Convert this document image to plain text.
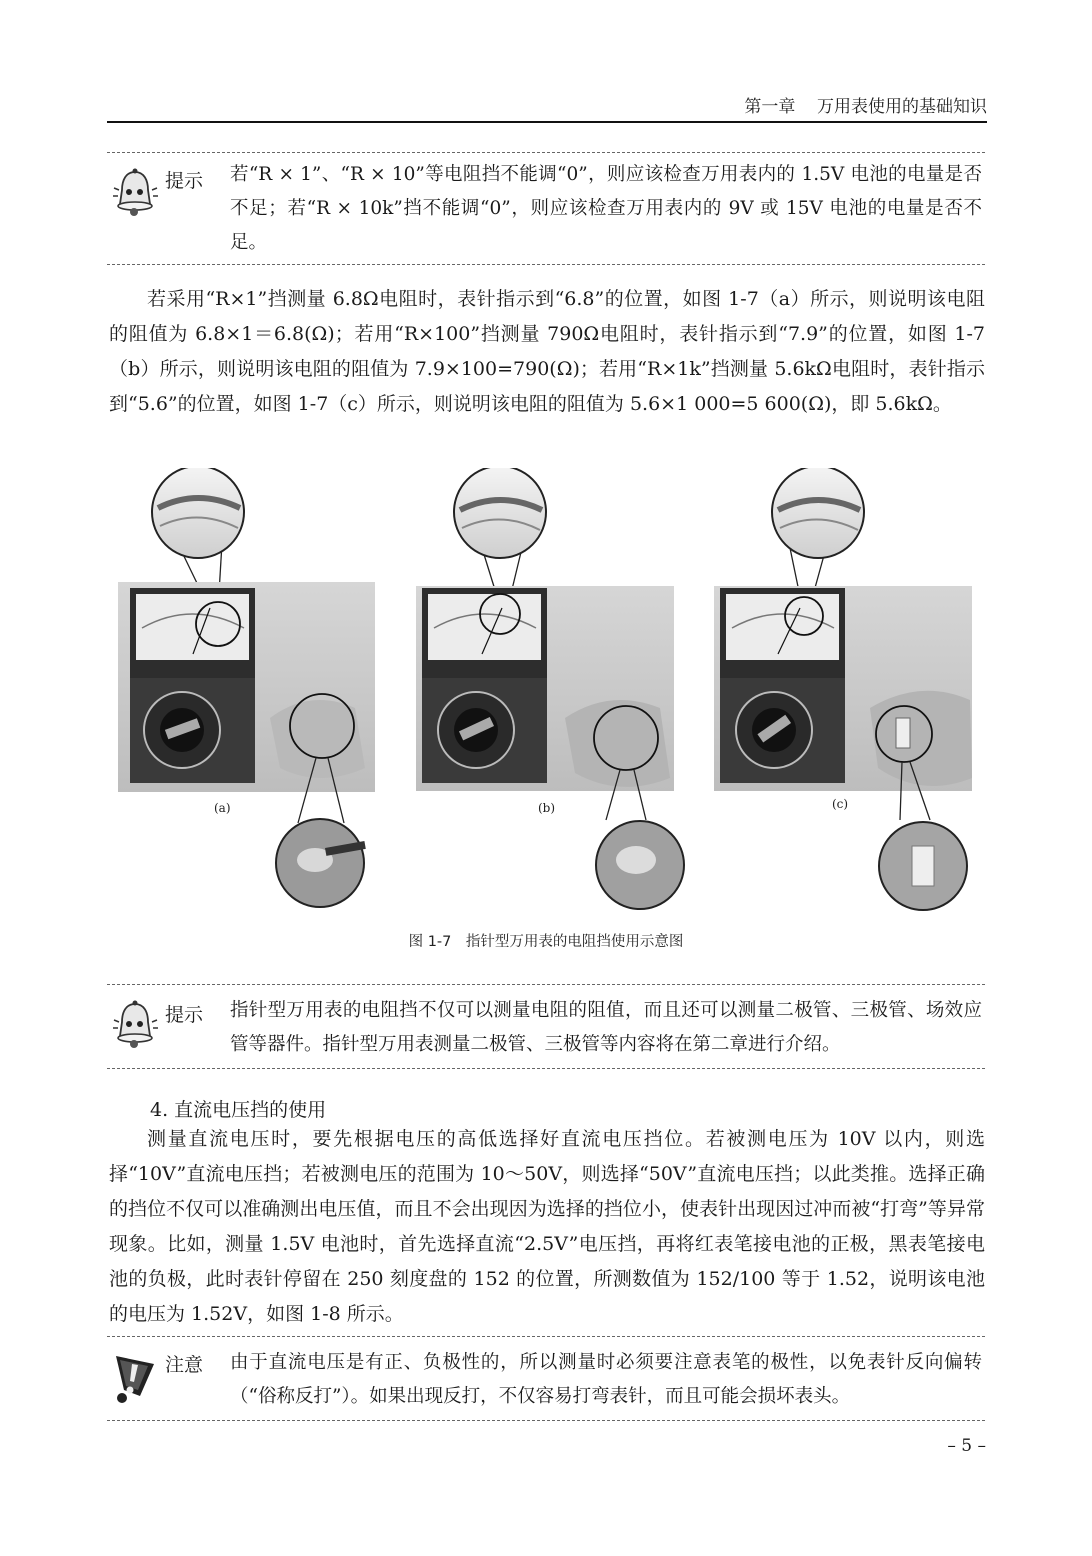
第一章 万用表使用的基础知识
提示 若“R × 1”、“R × 10”等电阻挡不能调“0”，则应该检查万用表内的 1.5V 电池的电量是否不足；若“R × 10k”挡不能调“0”，则应该检查万用表内的 9V 或 15V 电池的电量是否不足。

若采用“R×1”挡测量 6.8Ω电阻时，表针指示到“6.8”的位置，如图 1-7（a）所示，则说明该电阻的阻值为 6.8×1＝6.8(Ω)；若用“R×100”挡测量 790Ω电阻时，表针指示到“7.9”的位置，如图 1-7（b）所示，则说明该电阻的阻值为 7.9×100=790(Ω)；若用“R×1k”挡测量 5.6kΩ电阻时，表针指示到“5.6”的位置，如图 1-7（c）所示，则说明该电阻的阻值为 5.6×1 000=5 600(Ω)，即 5.6kΩ。

(a)	(b)	(c)
图 1-7　指针型万用表的电阻挡使用示意图
提示 指针型万用表的电阻挡不仅可以测量电阻的阻值，而且还可以测量二极管、三极管、场效应管等器件。指针型万用表测量二极管、三极管等内容将在第二章进行介绍。
4. 直流电压挡的使用

测量直流电压时，要先根据电压的高低选择好直流电压挡位。若被测电压为 10V 以内，则选择“10V”直流电压挡；若被测电压的范围为 10～50V，则选择“50V”直流电压挡；以此类推。选择正确的挡位不仅可以准确测出电压值，而且不会出现因为选择的挡位小，使表针出现因过冲而被“打弯”等异常现象。比如，测量 1.5V 电池时，首先选择直流“2.5V”电压挡，再将红表笔接电池的正极，黑表笔接电池的负极，此时表针停留在 250 刻度盘的 152 的位置，所测数值为 152/100 等于 1.52，说明该电池的电压为 1.52V，如图 1-8 所示。

注意 由于直流电压是有正、负极性的，所以测量时必须要注意表笔的极性，以免表针反向偏转（“俗称反打”）。如果出现反打，不仅容易打弯表针，而且可能会损坏表头。
– 5 –
